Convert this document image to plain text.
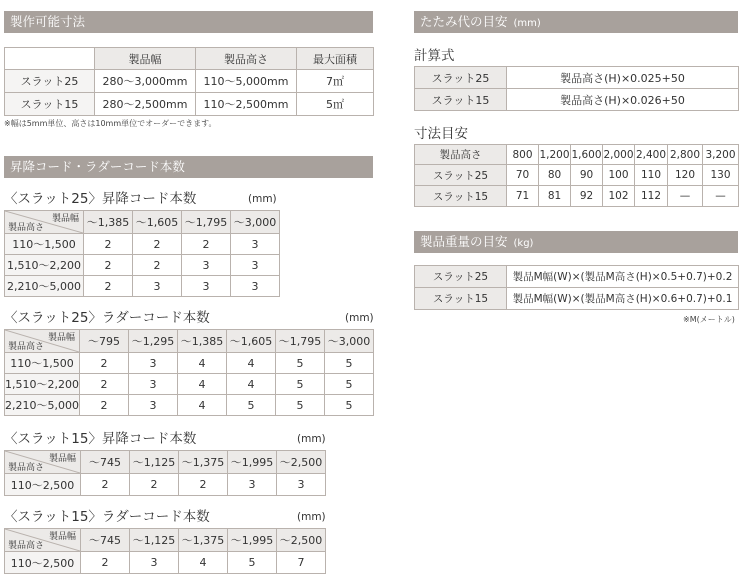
製作可能寸法
	製品幅	製品高さ	最大面積
スラット25	280〜3,000mm	110〜5,000mm	7㎡
スラット15	280〜2,500mm	110〜2,500mm	5㎡
※幅は5mm単位、高さは10mm単位でオーダーできます。
昇降コード・ラダーコード本数
〈スラット25〉昇降コード本数	(mm)
製品幅
製品高さ	〜1,385	〜1,605	〜1,795	〜3,000
110〜1,500	2	2	2	3
1,510〜2,200	2	2	3	3
2,210〜5,000	2	3	3	3
〈スラット25〉ラダーコード本数	(mm)
製品幅
製品高さ	〜795	〜1,295	〜1,385	〜1,605	〜1,795	〜3,000
110〜1,500	2	3	4	4	5	5
1,510〜2,200	2	3	4	4	5	5
2,210〜5,000	2	3	4	5	5	5
〈スラット15〉昇降コード本数	(mm)
製品幅
製品高さ	〜745	〜1,125	〜1,375	〜1,995	〜2,500
110〜2,500	2	2	2	3	3
〈スラット15〉ラダーコード本数	(mm)
製品幅
製品高さ	〜745	〜1,125	〜1,375	〜1,995	〜2,500
110〜2,500	2	3	4	5	7
たたみ代の目安 (mm)
計算式
スラット25	製品高さ(H)×0.025+50
スラット15	製品高さ(H)×0.026+50
寸法目安
製品高さ	800	1,200	1,600	2,000	2,400	2,800	3,200
スラット25	70	80	90	100	110	120	130
スラット15	71	81	92	102	112	—	—
製品重量の目安 (kg)
スラット25	製品M幅(W)×(製品M高さ(H)×0.5+0.7)+0.2
スラット15	製品M幅(W)×(製品M高さ(H)×0.6+0.7)+0.1
※M(メートル)
